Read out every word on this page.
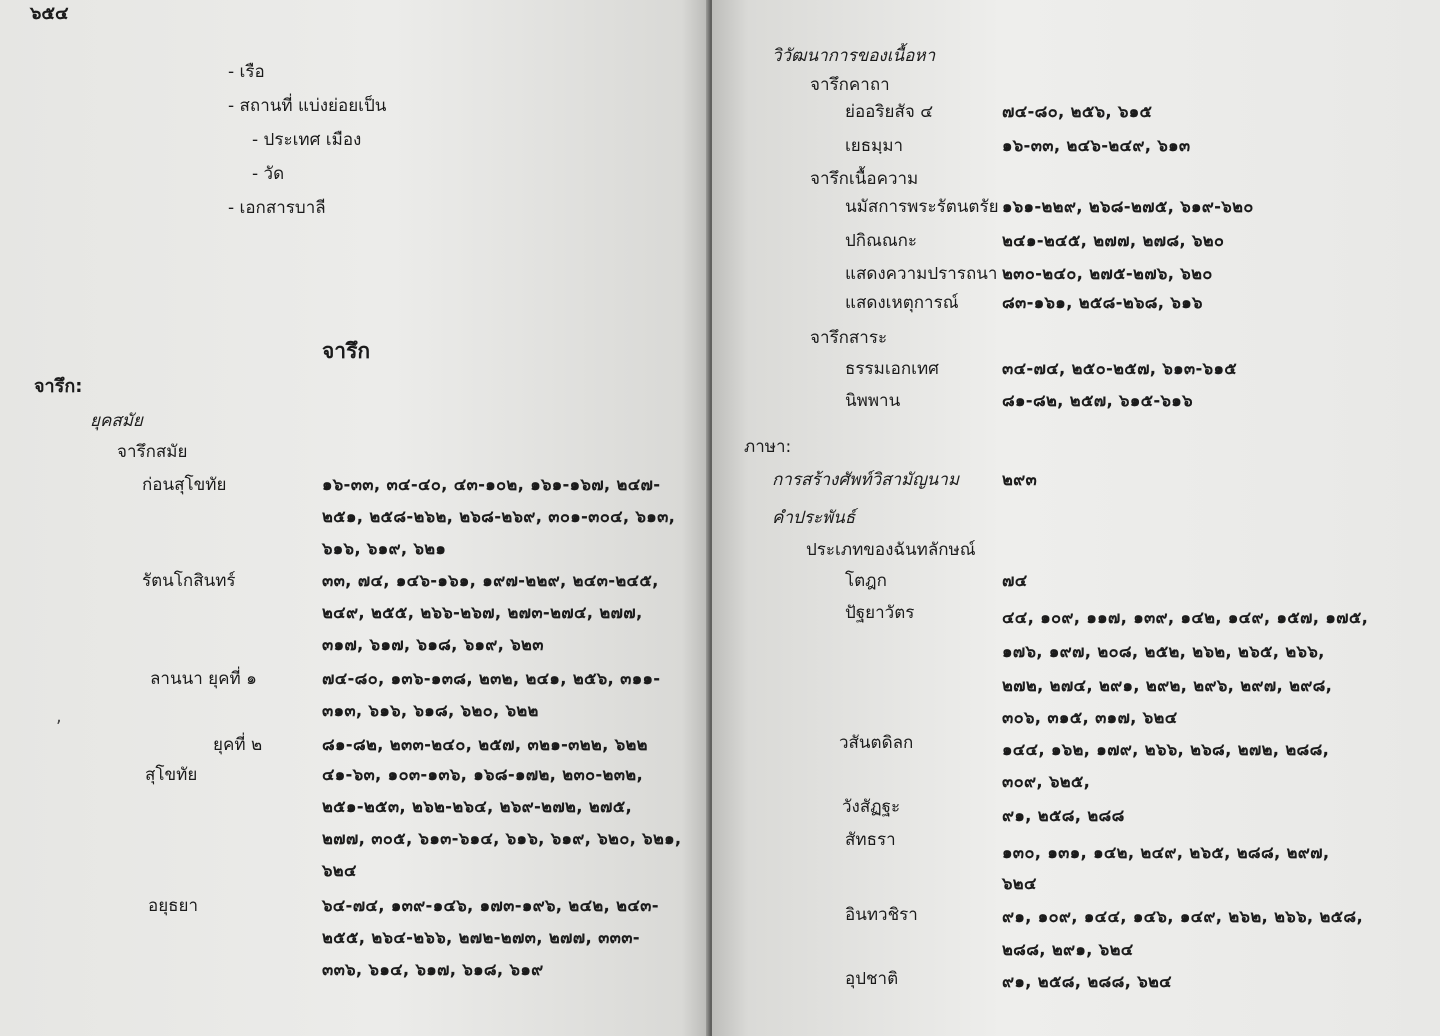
๖๕๔
- เรือ
- สถานที่ แบ่งย่อยเป็น
- ประเทศ เมือง
- วัด
- เอกสารบาลี
จารึก
จารึก:
ยุคสมัย
จารึกสมัย
ก่อนสุโขทัย	๑๖-๓๓, ๓๔-๔๐, ๔๓-๑๐๒, ๑๖๑-๑๖๗, ๒๔๗-
๒๕๑, ๒๕๘-๒๖๒, ๒๖๘-๒๖๙, ๓๐๑-๓๐๔, ๖๑๓,
๖๑๖, ๖๑๙, ๖๒๑
รัตนโกสินทร์	๓๓, ๗๔, ๑๔๖-๑๖๑, ๑๙๗-๒๒๙, ๒๔๓-๒๔๕,
๒๔๙, ๒๕๕, ๒๖๖-๒๖๗, ๒๗๓-๒๗๔, ๒๗๗,
๓๑๗, ๖๑๗, ๖๑๘, ๖๑๙, ๖๒๓
ลานนา ยุคที่ ๑	๗๔-๘๐, ๑๓๖-๑๓๘, ๒๓๒, ๒๔๑, ๒๕๖, ๓๑๑-
๓๑๓, ๖๑๖, ๖๑๘, ๖๒๐, ๖๒๒
ยุคที่ ๒	๘๑-๘๒, ๒๓๓-๒๔๐, ๒๕๗, ๓๒๑-๓๒๒, ๖๒๒
สุโขทัย	๔๑-๖๓, ๑๐๓-๑๓๖, ๑๖๘-๑๗๒, ๒๓๐-๒๓๒,
๒๕๑-๒๕๓, ๒๖๒-๒๖๔, ๒๖๙-๒๗๒, ๒๗๕,
๒๗๗, ๓๐๕, ๖๑๓-๖๑๔, ๖๑๖, ๖๑๙, ๖๒๐, ๖๒๑,
๖๒๔
อยุธยา	๖๔-๗๔, ๑๓๙-๑๔๖, ๑๗๓-๑๙๖, ๒๔๒, ๒๔๓-
๒๕๕, ๒๖๔-๒๖๖, ๒๗๒-๒๗๓, ๒๗๗, ๓๓๓-
๓๓๖, ๖๑๔, ๖๑๗, ๖๑๘, ๖๑๙
,
วิวัฒนาการของเนื้อหา
จารึกคาถา
ย่ออริยสัจ ๔	๗๔-๘๐, ๒๕๖, ๖๑๕
เยธมฺมา	๑๖-๓๓, ๒๔๖-๒๔๙, ๖๑๓
จารึกเนื้อความ
นมัสการพระรัตนตรัย ๑๖๑-๒๒๙, ๒๖๘-๒๗๕, ๖๑๙-๖๒๐
ปกิณณกะ	๒๔๑-๒๔๕, ๒๗๗, ๒๗๘, ๖๒๐
แสดงความปรารถนา ๒๓๐-๒๔๐, ๒๗๕-๒๗๖, ๖๒๐
แสดงเหตุการณ์	๘๓-๑๖๑, ๒๕๘-๒๖๘, ๖๑๖
จารึกสาระ
ธรรมเอกเทศ	๓๔-๗๔, ๒๕๐-๒๕๗, ๖๑๓-๖๑๕
นิพพาน	๘๑-๘๒, ๒๕๗, ๖๑๕-๖๑๖
ภาษา:
การสร้างศัพท์วิสามัญนาม	๒๙๓
คำประพันธ์
ประเภทของฉันทลักษณ์
โตฎก	๗๔
ปัฐยาวัตร	๔๔, ๑๐๙, ๑๑๗, ๑๓๙, ๑๔๒, ๑๔๙, ๑๕๗, ๑๗๕,
๑๗๖, ๑๙๗, ๒๐๘, ๒๕๒, ๒๖๒, ๒๖๕, ๒๖๖,
๒๗๒, ๒๗๔, ๒๙๑, ๒๙๒, ๒๙๖, ๒๙๗, ๒๙๘,
๓๐๖, ๓๑๕, ๓๑๗, ๖๒๔
วสันตดิลก	๑๔๔, ๑๖๒, ๑๗๙, ๒๖๖, ๒๖๘, ๒๗๒, ๒๘๘,
๓๐๙, ๖๒๕,
วังสัฏฐะ	๙๑, ๒๕๘, ๒๘๘
สัทธรา
๑๓๐, ๑๓๑, ๑๔๒, ๒๔๙, ๒๖๕, ๒๘๘, ๒๙๗,
๖๒๔
อินทวชิรา	๙๑, ๑๐๙, ๑๔๔, ๑๔๖, ๑๔๙, ๒๖๒, ๒๖๖, ๒๕๘,
๒๘๘, ๒๙๑, ๖๒๔
อุปชาติ	๙๑, ๒๕๘, ๒๘๘, ๖๒๔
